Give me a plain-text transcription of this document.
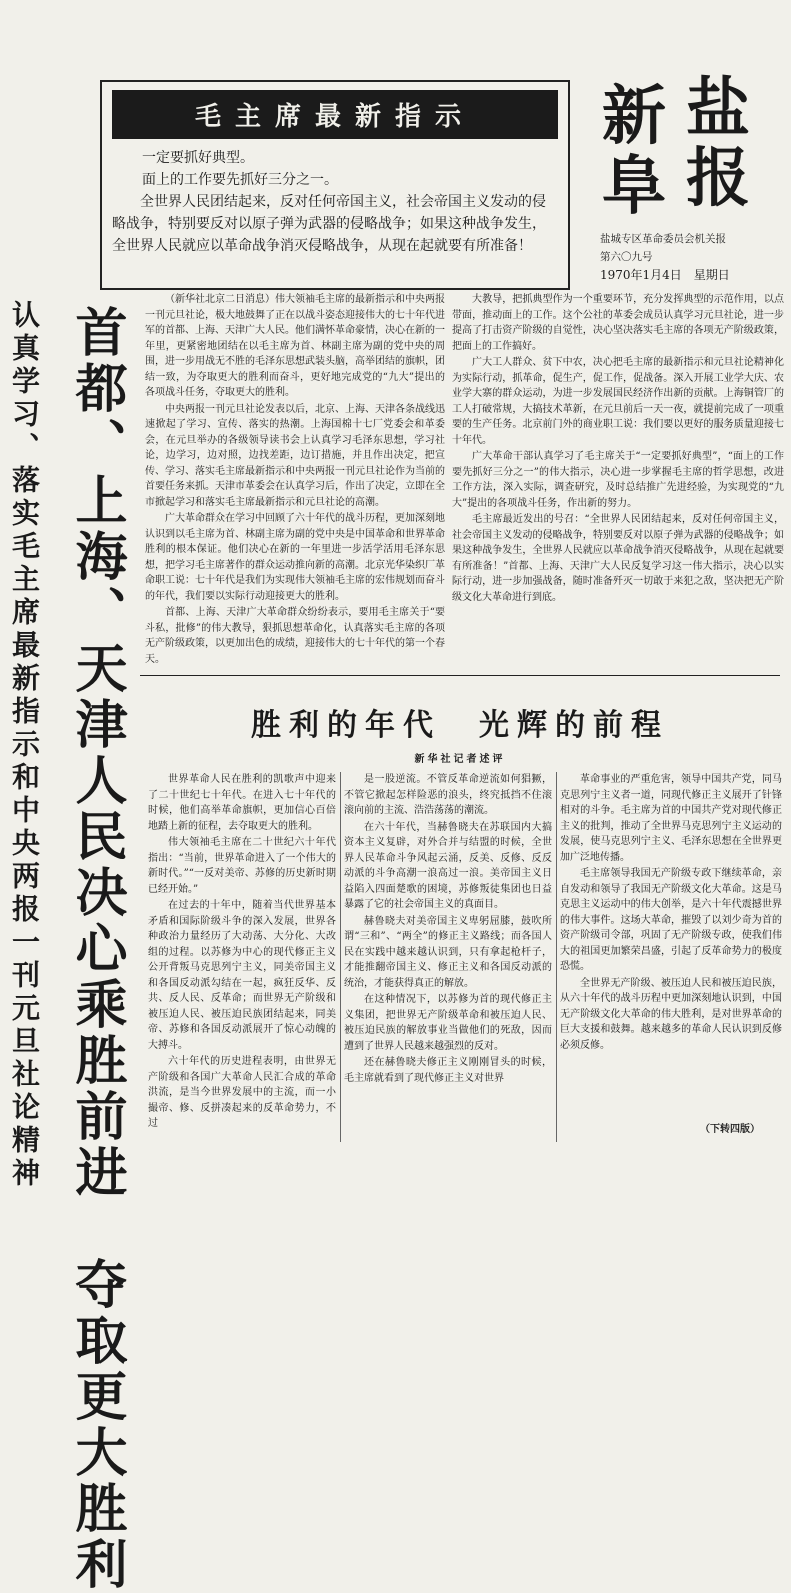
毛主席最新指示

一定要抓好典型。

面上的工作要先抓好三分之一。

全世界人民团结起来，反对任何帝国主义，社会帝国主义发动的侵略战争，特别要反对以原子弹为武器的侵略战争；如果这种战争发生，全世界人民就应以革命战争消灭侵略战争，从现在起就要有所准备！

新 盐
阜 报
盐城专区革命委员会机关报
第六〇九号
1970年1月4日　星期日
认真学习、落实毛主席最新指示和中央两报一刊元旦社论精神 首都、上海、天津人民决心乘胜前进　夺取更大胜利

（新华社北京二日消息）伟大领袖毛主席的最新指示和中央两报一刊元旦社论，极大地鼓舞了正在以战斗姿态迎接伟大的七十年代进军的首都、上海、天津广大人民。他们满怀革命豪情，决心在新的一年里，更紧密地团结在以毛主席为首、林副主席为副的党中央的周围，进一步用战无不胜的毛泽东思想武装头脑，高举团结的旗帜，团结一致，为夺取更大的胜利而奋斗，更好地完成党的“九大”提出的各项战斗任务，夺取更大的胜利。

中央两报一刊元旦社论发表以后，北京、上海、天津各条战线迅速掀起了学习、宣传、落实的热潮。上海国棉十七厂党委会和革委会，在元旦举办的各级领导读书会上认真学习毛泽东思想，学习社论，边学习，边对照，边找差距，边订措施，并且作出决定，把宣传、学习、落实毛主席最新指示和中央两报一刊元旦社论作为当前的首要任务来抓。天津市革委会在认真学习后，作出了决定，立即在全市掀起学习和落实毛主席最新指示和元旦社论的高潮。

广大革命群众在学习中回顾了六十年代的战斗历程，更加深刻地认识到以毛主席为首、林副主席为副的党中央是中国革命和世界革命胜利的根本保证。他们决心在新的一年里进一步活学活用毛泽东思想，把学习毛主席著作的群众运动推向新的高潮。北京光华染织厂革命职工说：七十年代是我们为实现伟大领袖毛主席的宏伟规划而奋斗的年代，我们要以实际行动迎接更大的胜利。

首都、上海、天津广大革命群众纷纷表示，要用毛主席关于“要斗私，批修”的伟大教导，狠抓思想革命化，认真落实毛主席的各项无产阶级政策，以更加出色的成绩，迎接伟大的七十年代的第一个春天。

大教导，把抓典型作为一个重要环节，充分发挥典型的示范作用，以点带面，推动面上的工作。这个公社的革委会成员认真学习元旦社论，进一步提高了打击资产阶级的自觉性，决心坚决落实毛主席的各项无产阶级政策，把面上的工作搞好。

广大工人群众、贫下中农，决心把毛主席的最新指示和元旦社论精神化为实际行动，抓革命，促生产，促工作，促战备。深入开展工业学大庆、农业学大寨的群众运动，为进一步发展国民经济作出新的贡献。上海铜管厂的工人打破常规，大搞技术革新，在元旦前后一天一夜，就提前完成了一项重要的生产任务。北京前门外的商业职工说：我们要以更好的服务质量迎接七十年代。

广大革命干部认真学习了毛主席关于“一定要抓好典型”，“面上的工作要先抓好三分之一”的伟大指示，决心进一步掌握毛主席的哲学思想，改进工作方法，深入实际，调查研究，及时总结推广先进经验，为实现党的“九大”提出的各项战斗任务，作出新的努力。

毛主席最近发出的号召：“全世界人民团结起来，反对任何帝国主义，社会帝国主义发动的侵略战争，特别要反对以原子弹为武器的侵略战争；如果这种战争发生，全世界人民就应以革命战争消灭侵略战争，从现在起就要有所准备！”首都、上海、天津广大人民反复学习这一伟大指示，决心以实际行动，进一步加强战备，随时准备歼灭一切敢于来犯之敌，坚决把无产阶级文化大革命进行到底。

胜利的年代　光辉的前程
新华社记者述评

世界革命人民在胜利的凯歌声中迎来了二十世纪七十年代。在进入七十年代的时候，他们高举革命旗帜，更加信心百倍地踏上新的征程，去夺取更大的胜利。

伟大领袖毛主席在二十世纪六十年代指出：“当前，世界革命进入了一个伟大的新时代。”“一反对美帝、苏修的历史新时期已经开始。”

在过去的十年中，随着当代世界基本矛盾和国际阶级斗争的深入发展，世界各种政治力量经历了大动荡、大分化、大改组的过程。以苏修为中心的现代修正主义公开背叛马克思列宁主义，同美帝国主义和各国反动派勾结在一起，疯狂反华、反共、反人民、反革命；而世界无产阶级和被压迫人民、被压迫民族团结起来，同美帝、苏修和各国反动派展开了惊心动魄的大搏斗。

六十年代的历史进程表明，由世界无产阶级和各国广大革命人民汇合成的革命洪流，是当今世界发展中的主流，而一小撮帝、修、反拼凑起来的反革命势力，不过

是一股逆流。不管反革命逆流如何猖獗，不管它掀起怎样险恶的浪头，终究抵挡不住滚滚向前的主流、浩浩荡荡的潮流。

在六十年代，当赫鲁晓夫在苏联国内大搞资本主义复辟，对外合并与结盟的时候，全世界人民革命斗争风起云涌，反美、反修、反反动派的斗争高潮一浪高过一浪。美帝国主义日益陷入四面楚歌的困境，苏修叛徒集团也日益暴露了它的社会帝国主义的真面目。

赫鲁晓夫对美帝国主义卑躬屈膝，鼓吹所谓“三和”、“两全”的修正主义路线；而各国人民在实践中越来越认识到，只有拿起枪杆子，才能推翻帝国主义、修正主义和各国反动派的统治，才能获得真正的解放。

在这种情况下，以苏修为首的现代修正主义集团，把世界无产阶级革命和被压迫人民、被压迫民族的解放事业当做他们的死敌，因而遭到了世界人民越来越强烈的反对。

还在赫鲁晓夫修正主义刚刚冒头的时候，毛主席就看到了现代修正主义对世界

革命事业的严重危害，领导中国共产党，同马克思列宁主义者一道，同现代修正主义展开了针锋相对的斗争。毛主席为首的中国共产党对现代修正主义的批判，推动了全世界马克思列宁主义运动的发展，使马克思列宁主义、毛泽东思想在全世界更加广泛地传播。

毛主席领导我国无产阶级专政下继续革命，亲自发动和领导了我国无产阶级文化大革命。这是马克思主义运动中的伟大创举，是六十年代震撼世界的伟大事件。这场大革命，摧毁了以刘少奇为首的资产阶级司令部，巩固了无产阶级专政，使我们伟大的祖国更加繁荣昌盛，引起了反革命势力的极度恐慌。

全世界无产阶级、被压迫人民和被压迫民族，从六十年代的战斗历程中更加深刻地认识到，中国无产阶级文化大革命的伟大胜利，是对世界革命的巨大支援和鼓舞。越来越多的革命人民认识到反修必须反修。

（下转四版）
